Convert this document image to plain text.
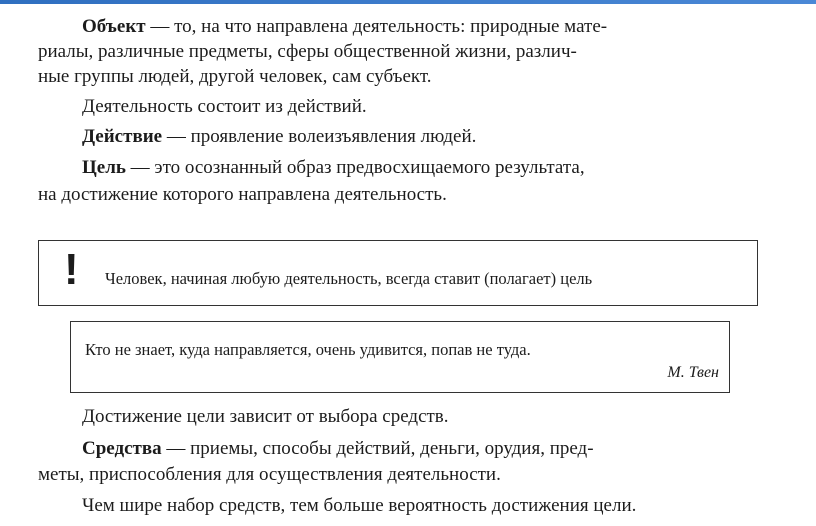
Объект — то, на что направлена деятельность: природные мате-
риалы, различные предметы, сферы общественной жизни, различ-
ные группы людей, другой человек, сам субъект.
Деятельность состоит из действий.
Действие — проявление волеизъявления людей.
Цель — это осознанный образ предвосхищаемого результата,
на достижение которого направлена деятельность.
! Человек, начиная любую деятельность, всегда ставит (полагает) цель
Кто не знает, куда направляется, очень удивится, попав не туда.
М. Твен
Достижение цели зависит от выбора средств.
Средства — приемы, способы действий, деньги, орудия, пред-
меты, приспособления для осуществления деятельности.
Чем шире набор средств, тем больше вероятность достижения цели.
